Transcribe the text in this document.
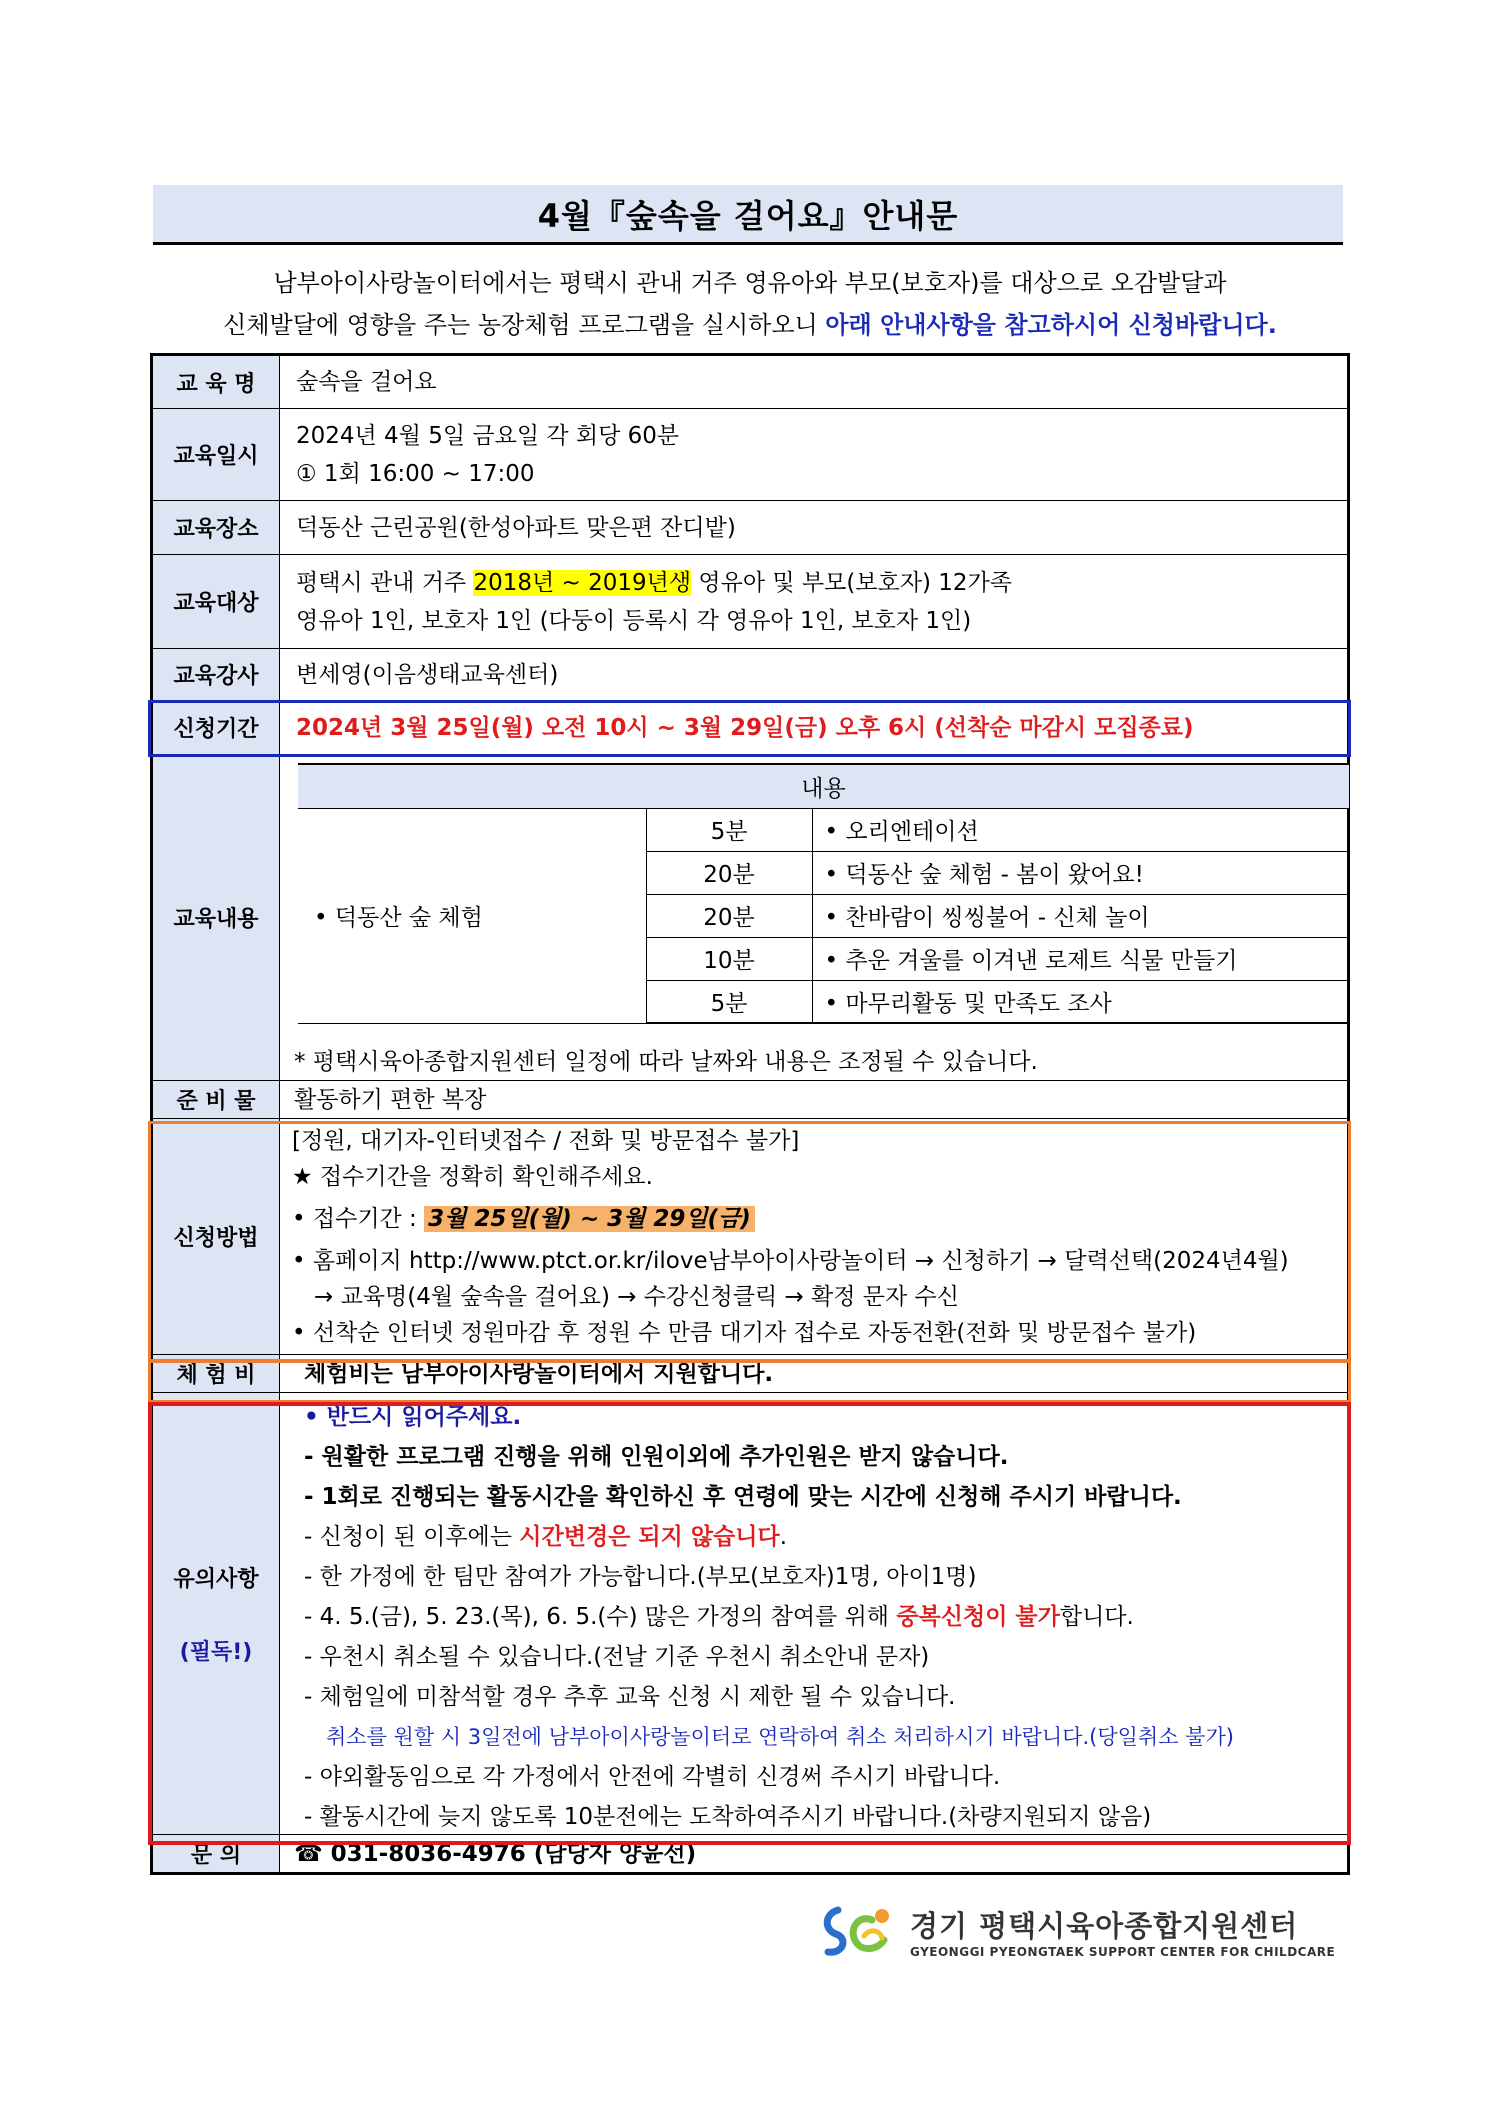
4월『숲속을 걸어요』안내문
남부아이사랑놀이터에서는 평택시 관내 거주 영유아와 부모(보호자)를 대상으로 오감발달과
신체발달에 영향을 주는 농장체험 프로그램을 실시하오니 아래 안내사항을 참고하시어 신청바랍니다.
교 육 명	숲속을 걸어요
교육일시
2024년 4월 5일 금요일 각 회당 60분
① 1회 16:00 ~ 17:00
교육장소	덕동산 근린공원(한성아파트 맞은편 잔디밭)
교육대상
평택시 관내 거주 2018년 ~ 2019년생 영유아 및 부모(보호자) 12가족
영유아 1인, 보호자 1인 (다둥이 등록시 각 영유아 1인, 보호자 1인)
교육강사	변세영(이음생태교육센터)
신청기간	2024년 3월 25일(월) 오전 10시 ~ 3월 29일(금) 오후 6시 (선착순 마감시 모집종료)
교육내용
내용		
• 덕동산 숲 체험	5분	• 오리엔테이션
	20분	• 덕동산 숲 체험 - 봄이 왔어요!
	20분	• 찬바람이 씽씽불어 - 신체 놀이
	10분	• 추운 겨울를 이겨낸 로제트 식물 만들기
	5분	• 마무리활동 및 만족도 조사
* 평택시육아종합지원센터 일정에 따라 날짜와 내용은 조정될 수 있습니다.
준 비 물	활동하기 편한 복장
신청방법
[정원, 대기자-인터넷접수 / 전화 및 방문접수 불가]
★ 접수기간을 정확히 확인해주세요.
• 접수기간 : 3월 25일(월) ~ 3월 29일(금)
• 홈페이지 http://www.ptct.or.kr/ilove남부아이사랑놀이터 → 신청하기 → 달력선택(2024년4월)
→ 교육명(4월 숲속을 걸어요) → 수강신청클릭 → 확정 문자 수신
• 선착순 인터넷 정원마감 후 정원 수 만큼 대기자 접수로 자동전환(전화 및 방문접수 불가)
체 험 비	체험비는 남부아이사랑놀이터에서 지원합니다.
유의사항
(필독!)
• 반드시 읽어주세요.
- 원활한 프로그램 진행을 위해 인원이외에 추가인원은 받지 않습니다.
- 1회로 진행되는 활동시간을 확인하신 후 연령에 맞는 시간에 신청해 주시기 바랍니다.
- 신청이 된 이후에는 시간변경은 되지 않습니다.
- 한 가정에 한 팀만 참여가 가능합니다.(부모(보호자)1명, 아이1명)
- 4. 5.(금), 5. 23.(목), 6. 5.(수) 많은 가정의 참여를 위해 중복신청이 불가합니다.
- 우천시 취소될 수 있습니다.(전날 기준 우천시 취소안내 문자)
- 체험일에 미참석할 경우 추후 교육 신청 시 제한 될 수 있습니다.
취소를 원할 시 3일전에 남부아이사랑놀이터로 연락하여 취소 처리하시기 바랍니다.(당일취소 불가)
- 야외활동임으로 각 가정에서 안전에 각별히 신경써 주시기 바랍니다.
- 활동시간에 늦지 않도록 10분전에는 도착하여주시기 바랍니다.(차량지원되지 않음)
문 의	☎ 031-8036-4976 (담당자 양윤선)
경기 평택시육아종합지원센터
GYEONGGI PYEONGTAEK SUPPORT CENTER FOR CHILDCARE
